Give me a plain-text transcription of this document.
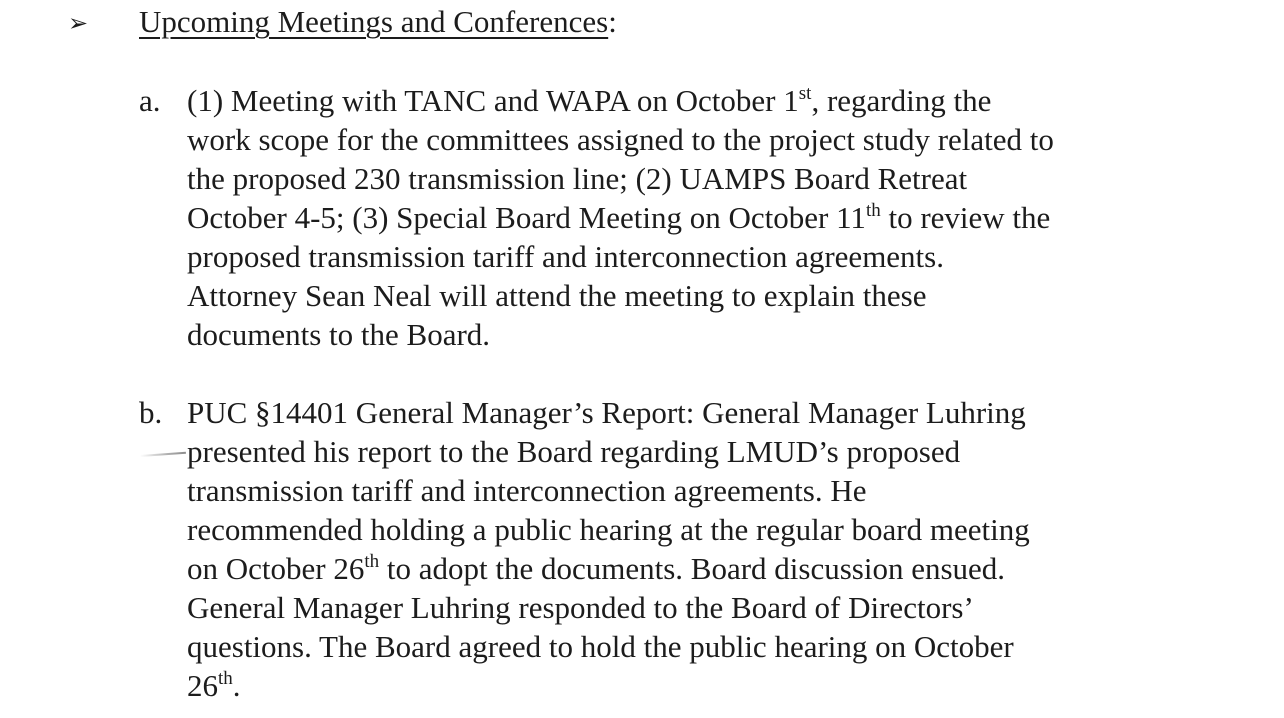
➢ Upcoming Meetings and Conferences:
a. (1) Meeting with TANC and WAPA on October 1st, regarding the
work scope for the committees assigned to the project study related to
the proposed 230 transmission line; (2) UAMPS Board Retreat
October 4-5; (3) Special Board Meeting on October 11th to review the
proposed transmission tariff and interconnection agreements.
Attorney Sean Neal will attend the meeting to explain these
documents to the Board.
b. PUC §14401 General Manager’s Report: General Manager Luhring
presented his report to the Board regarding LMUD’s proposed
transmission tariff and interconnection agreements. He
recommended holding a public hearing at the regular board meeting
on October 26th to adopt the documents. Board discussion ensued.
General Manager Luhring responded to the Board of Directors’
questions. The Board agreed to hold the public hearing on October
26th.
